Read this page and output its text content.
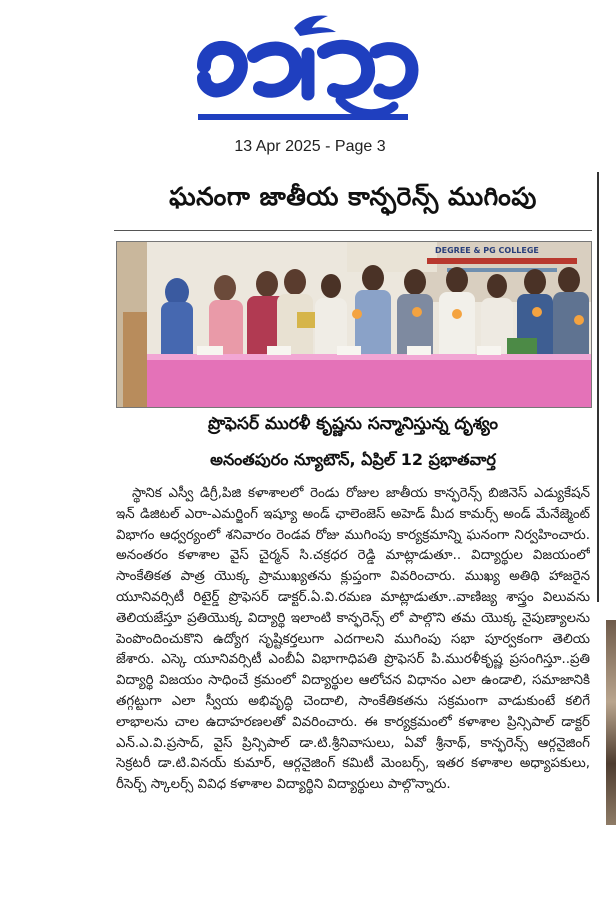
13 Apr 2025 - Page 3
ఘనంగా జాతీయ కాన్ఫరెన్స్ ముగింపు
DEGREE & PG COLLEGE
ప్రొఫెసర్ మురళీ కృష్ణను సన్మానిస్తున్న దృశ్యం
అనంతపురం న్యూటౌన్, ఏప్రిల్ 12 ప్రభాతవార్త
స్థానిక ఎస్వీ డిగ్రీ,పిజి కళాశాలలో రెండు రోజుల జాతీయ కాన్ఫరెన్స్ బిజినెస్ ఎడ్యుకేషన్ ఇన్ డిజిటల్ ఎరా-ఎమర్జింగ్ ఇష్యూ అండ్ ఛాలెంజెస్ అహెడ్ మీద కామర్స్ అండ్ మేనేజ్మెంట్ విభాగం ఆధ్వర్యంలో శనివారం రెండవ రోజు ముగింపు కార్యక్రమాన్ని ఘనంగా నిర్వహించారు. అనంతరం కళాశాల వైస్ చైర్మన్ సి.చక్రధర రెడ్డి మాట్లాడుతూ.. విద్యార్థుల విజయంలో సాంకేతికత పాత్ర యొక్క ప్రాముఖ్యతను క్లుప్తంగా వివరించారు. ముఖ్య అతిథి హాజరైన యూనివర్సిటీ రిటైర్డ్ ప్రొఫెసర్ డాక్టర్.ఏ.వి.రమణ మాట్లాడుతూ..వాణిజ్య శాస్త్రం విలువను తెలియజేస్తూ ప్రతియొక్క విద్యార్థి ఇలాంటి కాన్ఫరెన్స్ లో పాల్గొని తమ యొక్క నైపుణ్యాలను పెంపొందించుకొని ఉద్యోగ సృష్టికర్తలుగా ఎదగాలని ముగింపు సభా పూర్వకంగా తెలియ జేశారు. ఎస్కె యూనివర్సిటీ ఎంబీఏ విభాగాధిపతి ప్రొఫెసర్ పి.మురళీకృష్ణ ప్రసంగిస్తూ..ప్రతి విద్యార్థి విజయం సాధించే క్రమంలో విద్యార్థుల ఆలోచన విధానం ఎలా ఉండాలి, సమాజానికి తగ్గట్టుగా ఎలా స్వీయ అభివృద్ధి చెందాలి, సాంకేతికతను సక్రమంగా వాడుకుంటే కలిగే లాభాలను చాల ఉదాహరణలతో వివరించారు. ఈ కార్యక్రమంలో కళాశాల ప్రిన్సిపాల్ డాక్టర్ ఎన్.ఎ.వి.ప్రసాద్, వైస్ ప్రిన్సిపాల్ డా.టి.శ్రీనివాసులు, ఏవో శ్రీనాథ్, కాన్ఫరెన్స్ ఆర్గనైజింగ్ సెక్రటరీ డా.టి.వినయ్ కుమార్, ఆర్గనైజింగ్ కమిటీ మెంబర్స్, ఇతర కళాశాల అధ్యాపకులు, రీసెర్చ్ స్కాలర్స్ వివిధ కళాశాల విద్యార్థిని విద్యార్థులు పాల్గొన్నారు.
